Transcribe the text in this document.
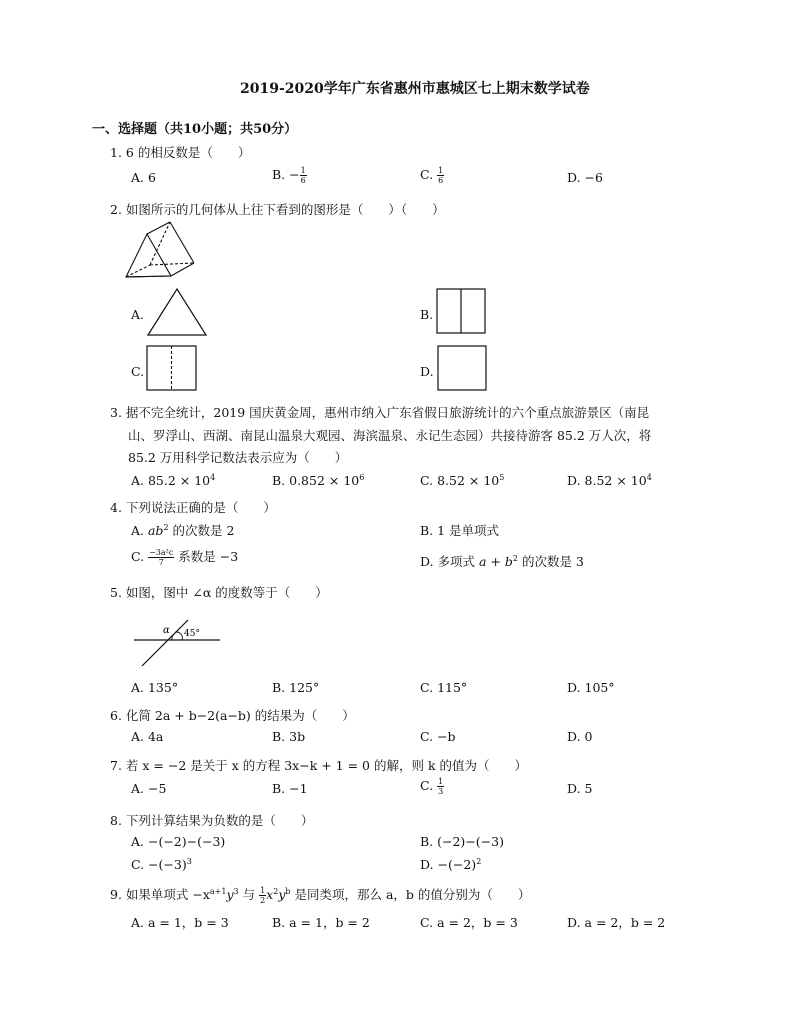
2019-2020学年广东省惠州市惠城区七上期末数学试卷
一、选择题（共10小题；共50分）
1. 6 的相反数是（　　）
A. 6	B. − $\frac{1}{6}$	C. $\frac{1}{6}$	D. −6
2. 如图所示的几何体从上往下看到的图形是（　　）（　　）
A.	B.
C.	D.
3. 据不完全统计，2019 国庆黄金周，惠州市纳入广东省假日旅游统计的六个重点旅游景区（南昆
山、罗浮山、西湖、南昆山温泉大观园、海滨温泉、永记生态园）共接待游客 85.2 万人次，将
85.2 万用科学记数法表示应为（　　）
A. $85.2 \times 10^4$	B. $0.852 \times 10^6$	C. $8.52 \times 10^5$	D. $8.52 \times 10^4$
4. 下列说法正确的是（　　）
A. $ab^2$ 的次数是 2	B. 1 是单项式
C. $\frac{\text{−3a²c}}{7}$ 系数是 −3	D. 多项式 $a + b^2$ 的次数是 3
5. 如图，图中 ∠α 的度数等于（　　）
α 45°
A. 135°	B. 125°	C. 115°	D. 105°
6. 化简 2a + b−2(a−b) 的结果为（　　）
A. 4a	B. 3b	C. −b	D. 0
7. 若 x = −2 是关于 x 的方程 3x−k + 1 = 0 的解，则 k 的值为（　　）
A. −5	B. −1	C. $\frac{1}{3}$	D. 5
8. 下列计算结果为负数的是（　　）
A. −(−2)−(−3)	B. (−2)−(−3)
C. $-(-3)^3$	D. $-(-2)^2$
9. 如果单项式 $-x^{a+1}y^3$ 与 $\frac{1}{2} x^2y^b$ 是同类项，那么 a，b 的值分别为（　　）
A. a = 1，b = 3	B. a = 1，b = 2	C. a = 2，b = 3	D. a = 2，b = 2
